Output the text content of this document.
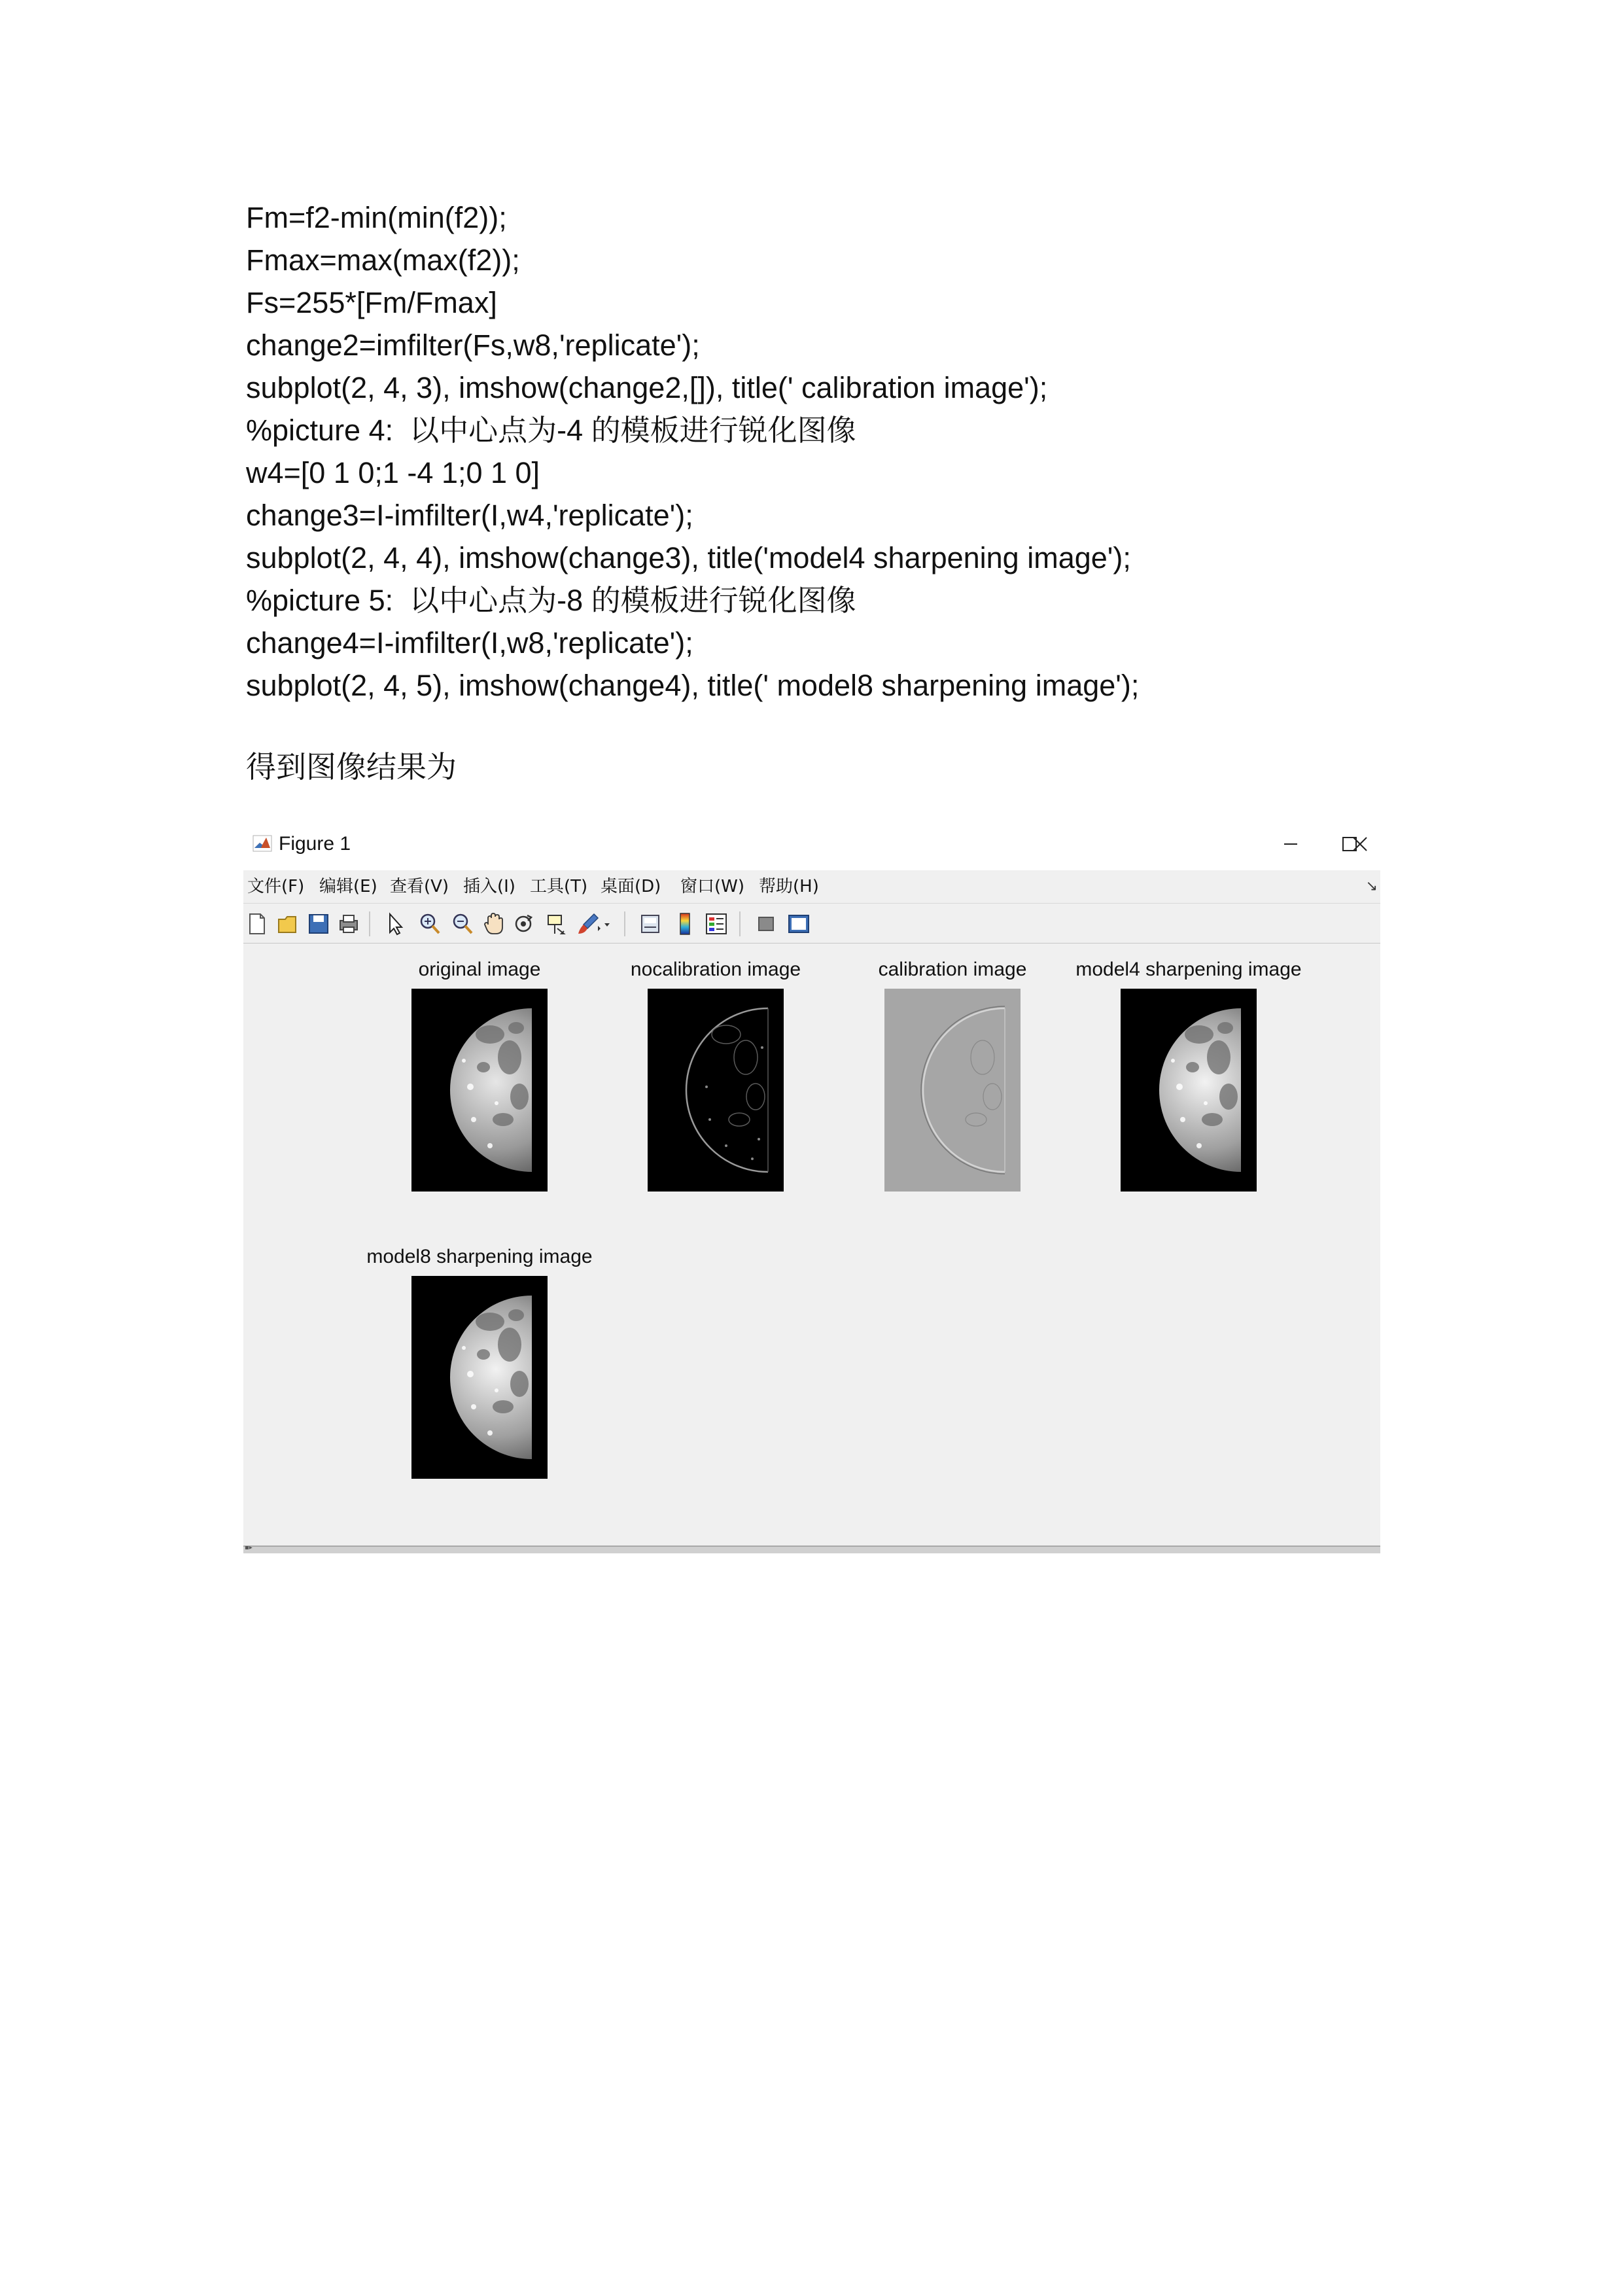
Fm=f2-min(min(f2));
Fmax=max(max(f2));
Fs=255*[Fm/Fmax]
change2=imfilter(Fs,w8,'replicate');
subplot(2, 4, 3), imshow(change2,[]), title(' calibration image');
%picture 4:  以中心点为-4 的模板进行锐化图像
w4=[0 1 0;1 -4 1;0 1 0]
change3=I-imfilter(I,w4,'replicate');
subplot(2, 4, 4), imshow(change3), title('model4 sharpening image');
%picture 5:  以中心点为-8 的模板进行锐化图像
change4=I-imfilter(I,w8,'replicate');
subplot(2, 4, 5), imshow(change4), title(' model8 sharpening image');
得到图像结果为
Figure 1
↘
文件(F) 编辑(E) 查看(V) 插入(I) 工具(T) 桌面(D) 窗口(W) 帮助(H)
original image	nocalibration image	calibration image	model4 sharpening image
model8 sharpening image
▪▸
